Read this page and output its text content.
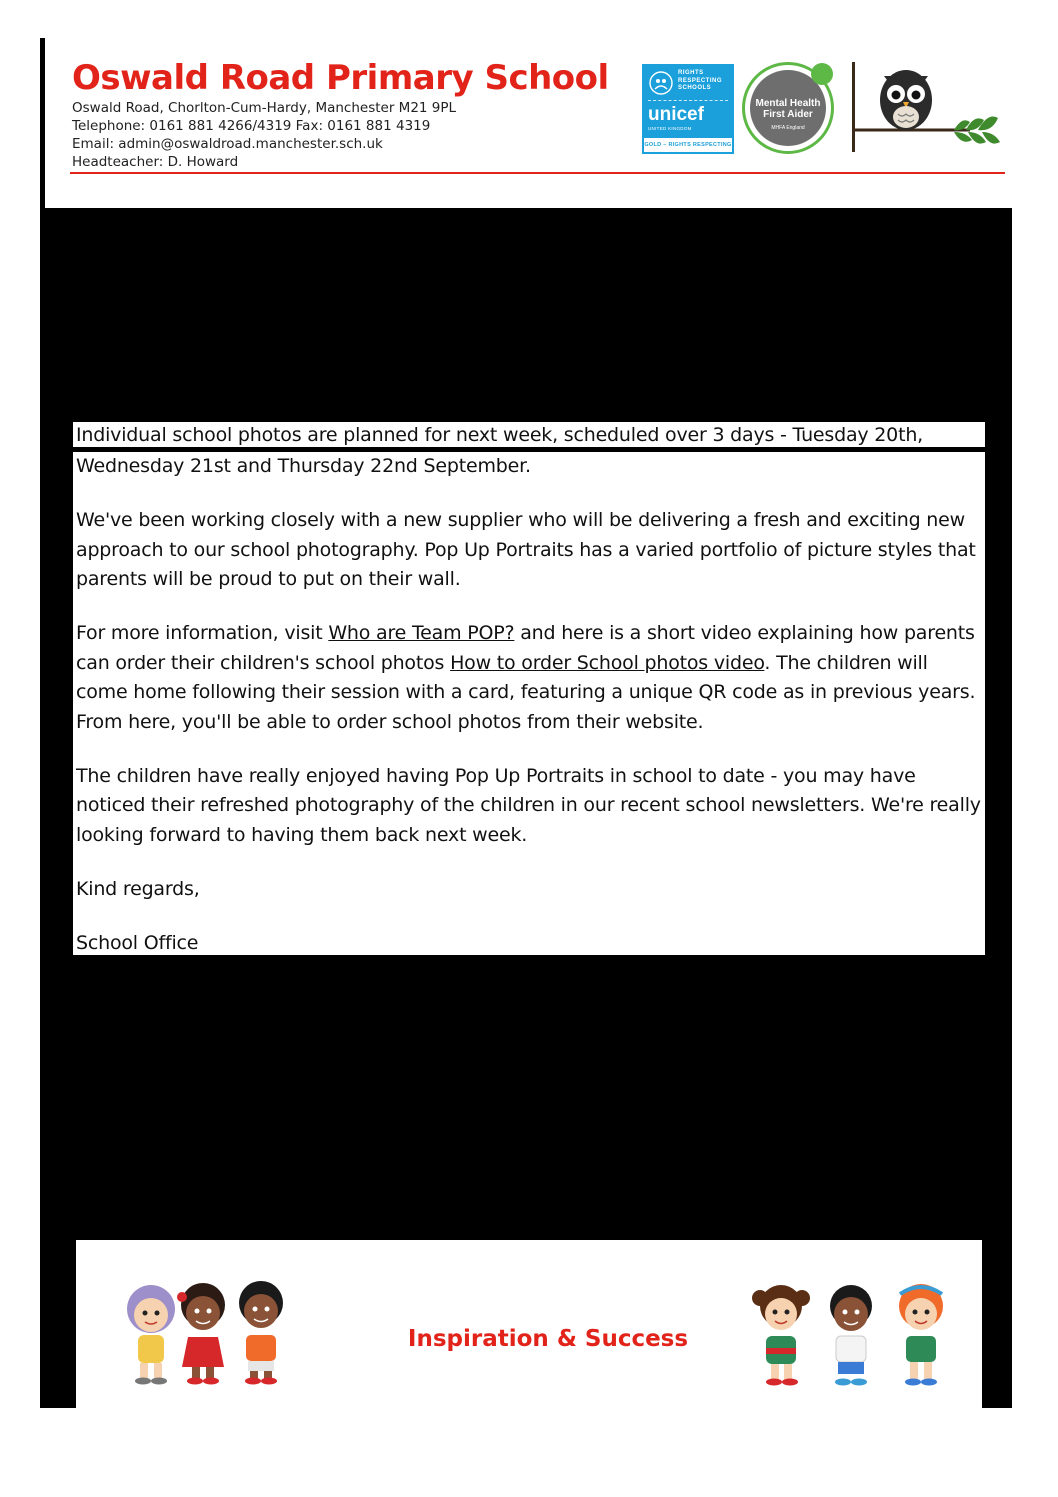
Oswald Road Primary School
Oswald Road, Chorlton-Cum-Hardy, Manchester M21 9PL
Telephone: 0161 881 4266/4319 Fax: 0161 881 4319
Email: admin@oswaldroad.manchester.sch.uk
Headteacher: D. Howard
RIGHTS
RESPECTING
SCHOOLS
unicef
UNITED KINGDOM
GOLD – RIGHTS RESPECTING
Mental Health
First Aider
MHFA England

Individual school photos are planned for next week, scheduled over 3 days - Tuesday 20th,

Wednesday 21st and Thursday 22nd September.

We've been working closely with a new supplier who will be delivering a fresh and exciting new approach to our school photography. Pop Up Portraits has a varied portfolio of picture styles that parents will be proud to put on their wall.

For more information, visit Who are Team POP? and here is a short video explaining how parents can order their children's school photos How to order School photos video. The children will come home following their session with a card, featuring a unique QR code as in previous years. From here, you'll be able to order school photos from their website.

The children have really enjoyed having Pop Up Portraits in school to date - you may have noticed their refreshed photography of the children in our recent school newsletters. We're really looking forward to having them back next week.

Kind regards,

School Office

Inspiration & Success
